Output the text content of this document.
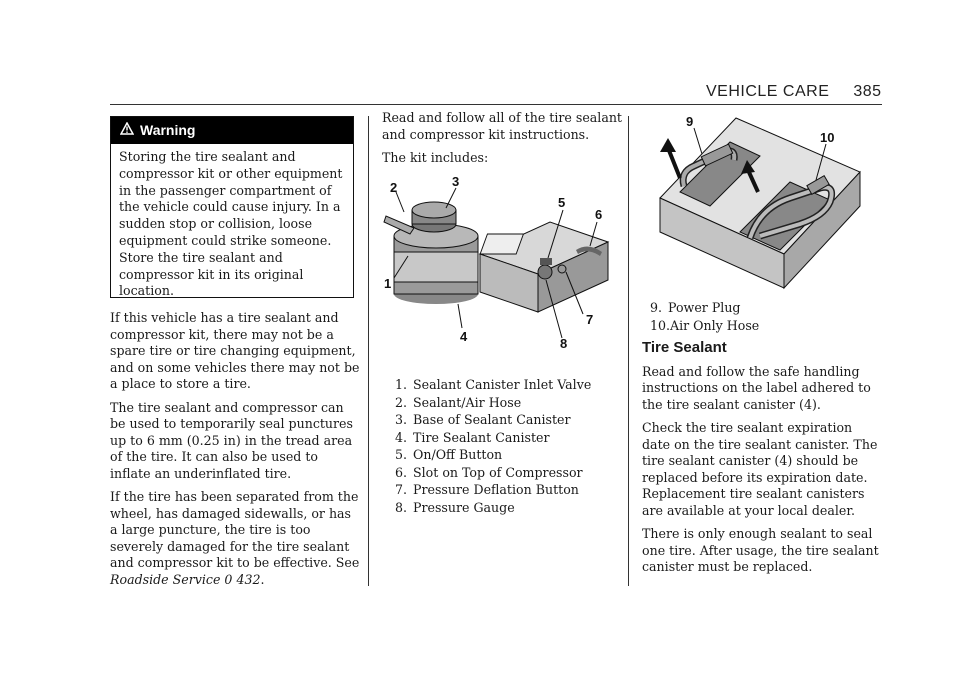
VEHICLE CARE 385
Warning
Storing the tire sealant and compressor kit or other equipment in the passenger compartment of the vehicle could cause injury. In a sudden stop or collision, loose equipment could strike someone. Store the tire sealant and compressor kit in its original location.

If this vehicle has a tire sealant and compressor kit, there may not be a spare tire or tire changing equipment, and on some vehicles there may not be a place to store a tire.

The tire sealant and compressor can be used to temporarily seal punctures up to 6 mm (0.25 in) in the tread area of the tire. It can also be used to inflate an underinflated tire.

If the tire has been separated from the wheel, has damaged sidewalls, or has a large puncture, the tire is too severely damaged for the tire sealant and compressor kit to be effective. See Roadside Service 0 432.

Read and follow all of the tire sealant and compressor kit instructions.

The kit includes:

1
2	3
4
5
6
7
8
1. Sealant Canister Inlet Valve
2. Sealant/Air Hose
3. Base of Sealant Canister
4. Tire Sealant Canister
5. On/Off Button
6. Slot on Top of Compressor
7. Pressure Deflation Button
8. Pressure Gauge
9
10
9. Power Plug
10.Air Only Hose
Tire Sealant

Read and follow the safe handling instructions on the label adhered to the tire sealant canister (4).

Check the tire sealant expiration date on the tire sealant canister. The tire sealant canister (4) should be replaced before its expiration date. Replacement tire sealant canisters are available at your local dealer.

There is only enough sealant to seal one tire. After usage, the tire sealant canister must be replaced.
